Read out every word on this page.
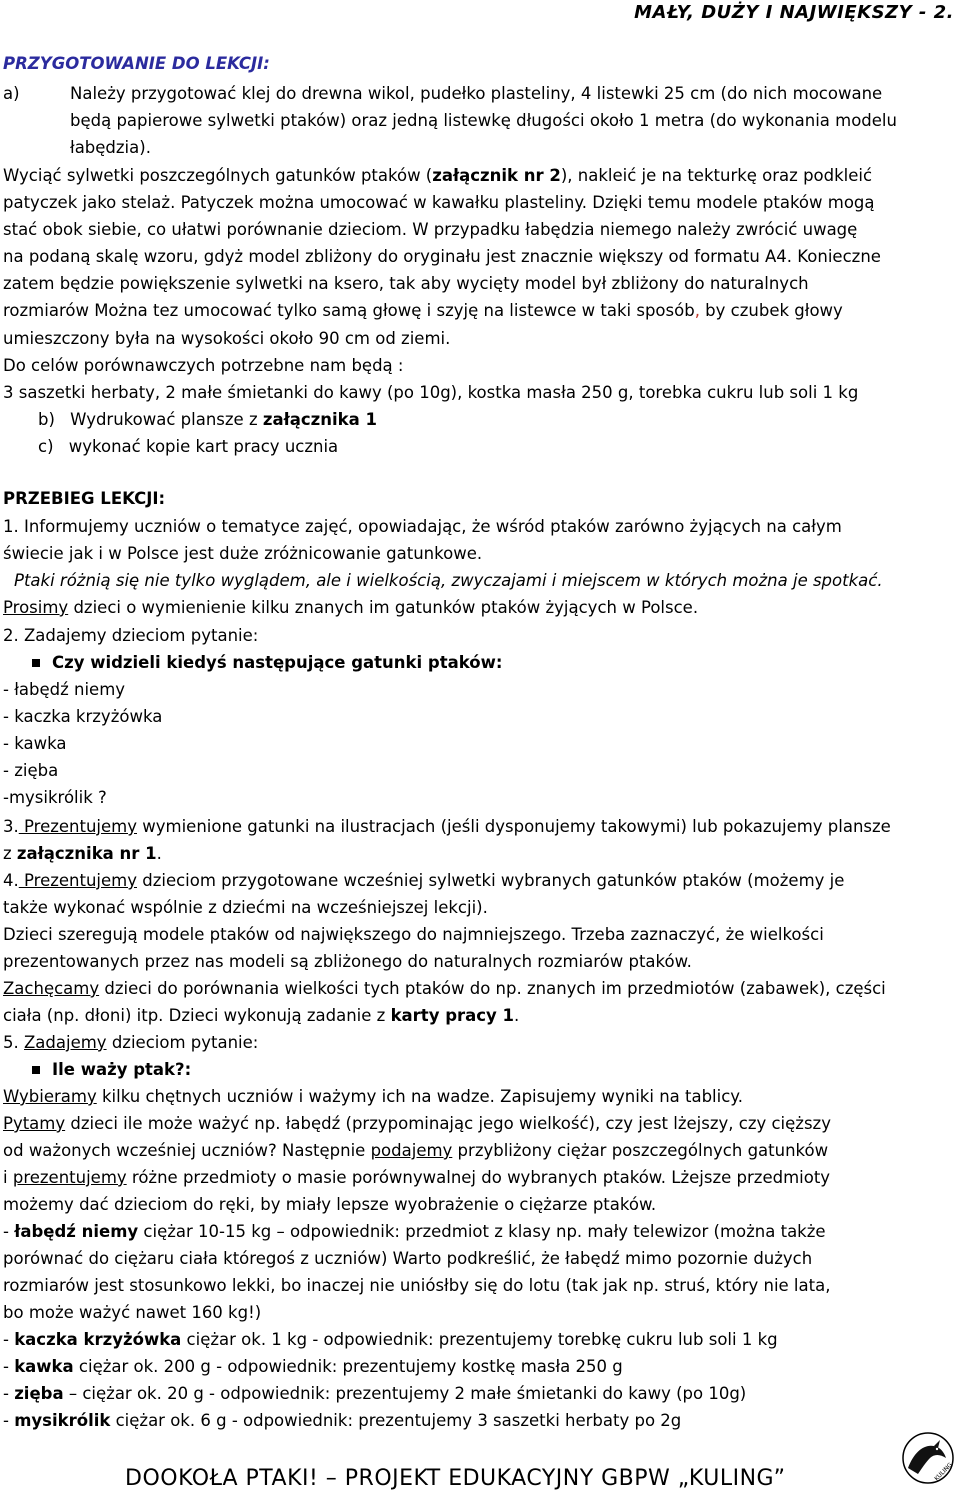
MAŁY, DUŻY I NAJWIĘKSZY - 2.
PRZYGOTOWANIE DO LEKCJI:
a)	Należy przygotować klej do drewna wikol, pudełko plasteliny, 4 listewki 25 cm (do nich mocowane
będą papierowe sylwetki ptaków) oraz jedną listewkę długości około 1 metra (do wykonania modelu
łabędzia).
Wyciąć sylwetki poszczególnych gatunków ptaków (załącznik nr 2), nakleić je na tekturkę oraz podkleić
patyczek jako stelaż. Patyczek można umocować w kawałku plasteliny. Dzięki temu modele ptaków mogą
stać obok siebie, co ułatwi porównanie dzieciom. W przypadku łabędzia niemego należy zwrócić uwagę
na podaną skalę wzoru, gdyż model zbliżony do oryginału jest znacznie większy od formatu A4. Konieczne
zatem będzie powiększenie sylwetki na ksero, tak aby wycięty model był zbliżony do naturalnych
rozmiarów Można tez umocować tylko samą głowę i szyję na listewce w taki sposób, by czubek głowy
umieszczony była na wysokości około 90 cm od ziemi.
Do celów porównawczych potrzebne nam będą :
3 saszetki herbaty, 2 małe śmietanki do kawy (po 10g), kostka masła 250 g, torebka cukru lub soli 1 kg
b) Wydrukować plansze z załącznika 1
c) wykonać kopie kart pracy ucznia
PRZEBIEG LEKCJI:
1. Informujemy uczniów o tematyce zajęć, opowiadając, że wśród ptaków zarówno żyjących na całym
świecie jak i w Polsce jest duże zróżnicowanie gatunkowe.
Ptaki różnią się nie tylko wyglądem, ale i wielkością, zwyczajami i miejscem w których można je spotkać.
Prosimy dzieci o wymienienie kilku znanych im gatunków ptaków żyjących w Polsce.
2. Zadajemy dzieciom pytanie:
Czy widzieli kiedyś następujące gatunki ptaków:
- łabędź niemy
- kaczka krzyżówka
- kawka
- zięba
-mysikrólik ?
3. Prezentujemy wymienione gatunki na ilustracjach (jeśli dysponujemy takowymi) lub pokazujemy plansze
z załącznika nr 1.
4. Prezentujemy dzieciom przygotowane wcześniej sylwetki wybranych gatunków ptaków (możemy je
także wykonać wspólnie z dziećmi na wcześniejszej lekcji).
Dzieci szeregują modele ptaków od największego do najmniejszego. Trzeba zaznaczyć, że wielkości
prezentowanych przez nas modeli są zbliżonego do naturalnych rozmiarów ptaków.
Zachęcamy dzieci do porównania wielkości tych ptaków do np. znanych im przedmiotów (zabawek), części
ciała (np. dłoni) itp. Dzieci wykonują zadanie z karty pracy 1.
5. Zadajemy dzieciom pytanie:
Ile waży ptak?:
Wybieramy kilku chętnych uczniów i ważymy ich na wadze. Zapisujemy wyniki na tablicy.
Pytamy dzieci ile może ważyć np. łabędź (przypominając jego wielkość), czy jest lżejszy, czy cięższy
od ważonych wcześniej uczniów? Następnie podajemy przybliżony ciężar poszczególnych gatunków
i prezentujemy różne przedmioty o masie porównywalnej do wybranych ptaków. Lżejsze przedmioty
możemy dać dzieciom do ręki, by miały lepsze wyobrażenie o ciężarze ptaków.
- łabędź niemy ciężar 10-15 kg – odpowiednik: przedmiot z klasy np. mały telewizor (można także
porównać do ciężaru ciała któregoś z uczniów) Warto podkreślić, że łabędź mimo pozornie dużych
rozmiarów jest stosunkowo lekki, bo inaczej nie uniósłby się do lotu (tak jak np. struś, który nie lata,
bo może ważyć nawet 160 kg!)
- kaczka krzyżówka ciężar ok. 1 kg - odpowiednik: prezentujemy torebkę cukru lub soli 1 kg
- kawka ciężar ok. 200 g - odpowiednik: prezentujemy kostkę masła 250 g
- zięba – ciężar ok. 20 g - odpowiednik: prezentujemy 2 małe śmietanki do kawy (po 10g)
- mysikrólik ciężar ok. 6 g - odpowiednik: prezentujemy 3 saszetki herbaty po 2g
DOOKOŁA PTAKI! – PROJEKT EDUKACYJNY GBPW „KULING”	KULING
